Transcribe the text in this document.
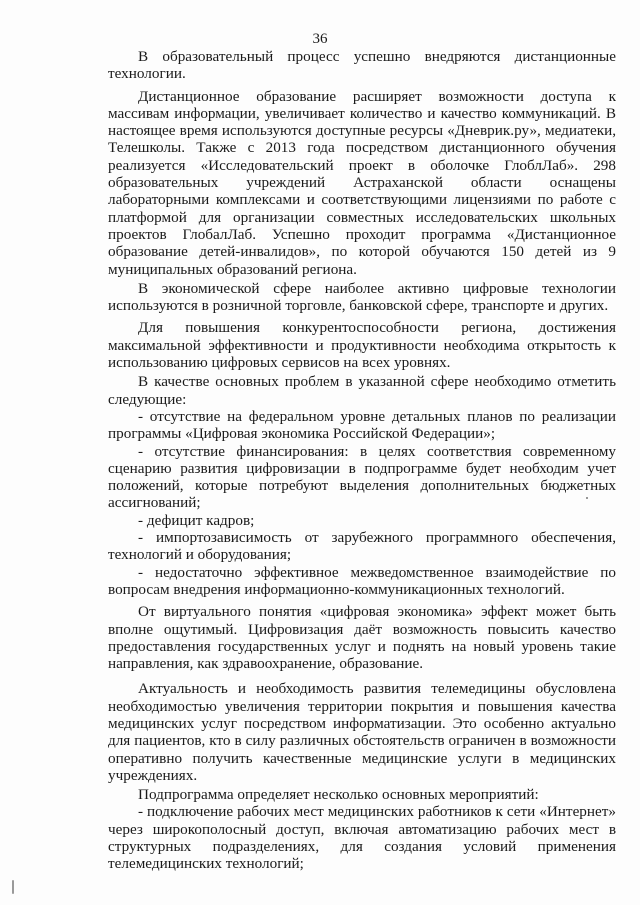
36

В образовательный процесс успешно внедряются дистанционные технологии.

Дистанционное образование расширяет возможности доступа к массивам информации, увеличивает количество и качество коммуникаций. В настоящее время используются доступные ресурсы «Дневрик.ру», медиатеки, Телешколы. Также с 2013 года посредством дистанционного обучения реализуется «Исследовательский проект в оболочке ГлоблЛаб». 298 образовательных учреждений Астраханской области оснащены лабораторными комплексами и соответствующими лицензиями по работе с платформой для организации совместных исследовательских школьных проектов ГлобалЛаб. Успешно проходит программа «Дистанционное образование детей-инвалидов», по которой обучаются 150 детей из 9 муниципальных образований региона.

В экономической сфере наиболее активно цифровые технологии используются в розничной торговле, банковской сфере, транспорте и других.

Для повышения конкурентоспособности региона, достижения максимальной эффективности и продуктивности необходима открытость к использованию цифровых сервисов на всех уровнях.

В качестве основных проблем в указанной сфере необходимо отметить следующие:

- отсутствие на федеральном уровне детальных планов по реализации программы «Цифровая экономика Российской Федерации»;

- отсутствие финансирования: в целях соответствия современному сценарию развития цифровизации в подпрограмме будет необходим учет положений, которые потребуют выделения дополнительных бюджетных ассигнований;

- дефицит кадров;

- импортозависимость от зарубежного программного обеспечения, технологий и оборудования;

- недостаточно эффективное межведомственное взаимодействие по вопросам внедрения информационно-коммуникационных технологий.

От виртуального понятия «цифровая экономика» эффект может быть вполне ощутимый. Цифровизация даёт возможность повысить качество предоставления государственных услуг и поднять на новый уровень такие направления, как здравоохранение, образование.

Актуальность и необходимость развития телемедицины обусловлена необходимостью увеличения территории покрытия и повышения качества медицинских услуг посредством информатизации. Это особенно актуально для пациентов, кто в силу различных обстоятельств ограничен в возможности оперативно получить качественные медицинские услуги в медицинских учреждениях.

Подпрограмма определяет несколько основных мероприятий:

- подключение рабочих мест медицинских работников к сети «Интернет» через широкополосный доступ, включая автоматизацию рабочих мест в структурных подразделениях, для создания условий применения телемедицинских технологий;
